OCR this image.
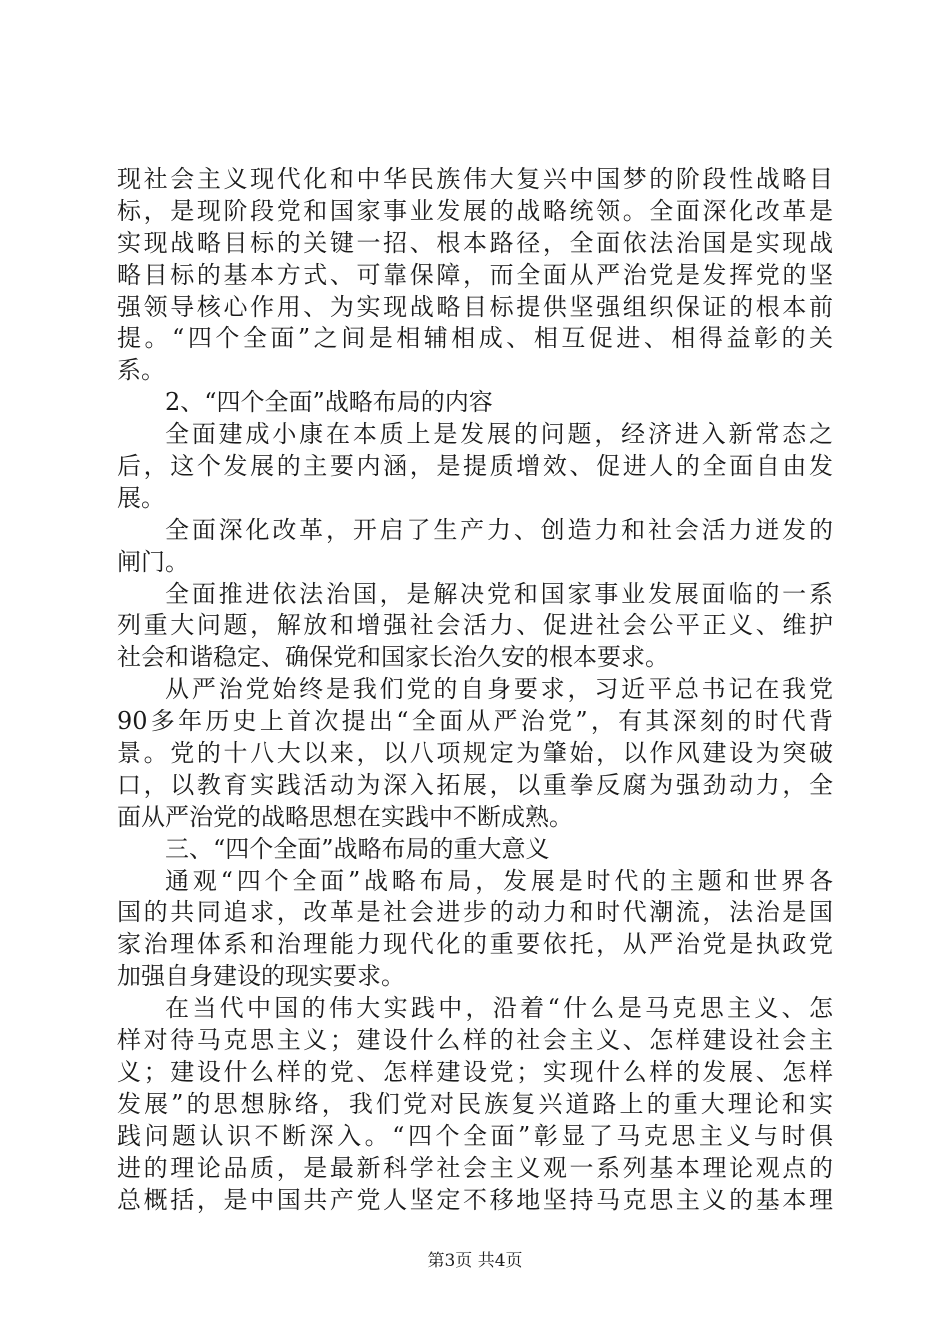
现社会主义现代化和中华民族伟大复兴中国梦的阶段性战略目
标，是现阶段党和国家事业发展的战略统领。全面深化改革是
实现战略目标的关键一招、根本路径，全面依法治国是实现战
略目标的基本方式、可靠保障，而全面从严治党是发挥党的坚
强领导核心作用、为实现战略目标提供坚强组织保证的根本前
提。“四个全面”之间是相辅相成、相互促进、相得益彰的关
系。
2、“四个全面”战略布局的内容
全面建成小康在本质上是发展的问题，经济进入新常态之
后，这个发展的主要内涵，是提质增效、促进人的全面自由发
展。
全面深化改革，开启了生产力、创造力和社会活力迸发的
闸门。
全面推进依法治国，是解决党和国家事业发展面临的一系
列重大问题，解放和增强社会活力、促进社会公平正义、维护
社会和谐稳定、确保党和国家长治久安的根本要求。
从严治党始终是我们党的自身要求，习近平总书记在我党
90多年历史上首次提出“全面从严治党”，有其深刻的时代背
景。党的十八大以来，以八项规定为肇始，以作风建设为突破
口，以教育实践活动为深入拓展，以重拳反腐为强劲动力，全
面从严治党的战略思想在实践中不断成熟。
三、“四个全面”战略布局的重大意义
通观“四个全面”战略布局，发展是时代的主题和世界各
国的共同追求，改革是社会进步的动力和时代潮流，法治是国
家治理体系和治理能力现代化的重要依托，从严治党是执政党
加强自身建设的现实要求。
在当代中国的伟大实践中，沿着“什么是马克思主义、怎
样对待马克思主义；建设什么样的社会主义、怎样建设社会主
义；建设什么样的党、怎样建设党；实现什么样的发展、怎样
发展”的思想脉络，我们党对民族复兴道路上的重大理论和实
践问题认识不断深入。“四个全面”彰显了马克思主义与时俱
进的理论品质，是最新科学社会主义观一系列基本理论观点的
总概括，是中国共产党人坚定不移地坚持马克思主义的基本理
第3页 共4页
